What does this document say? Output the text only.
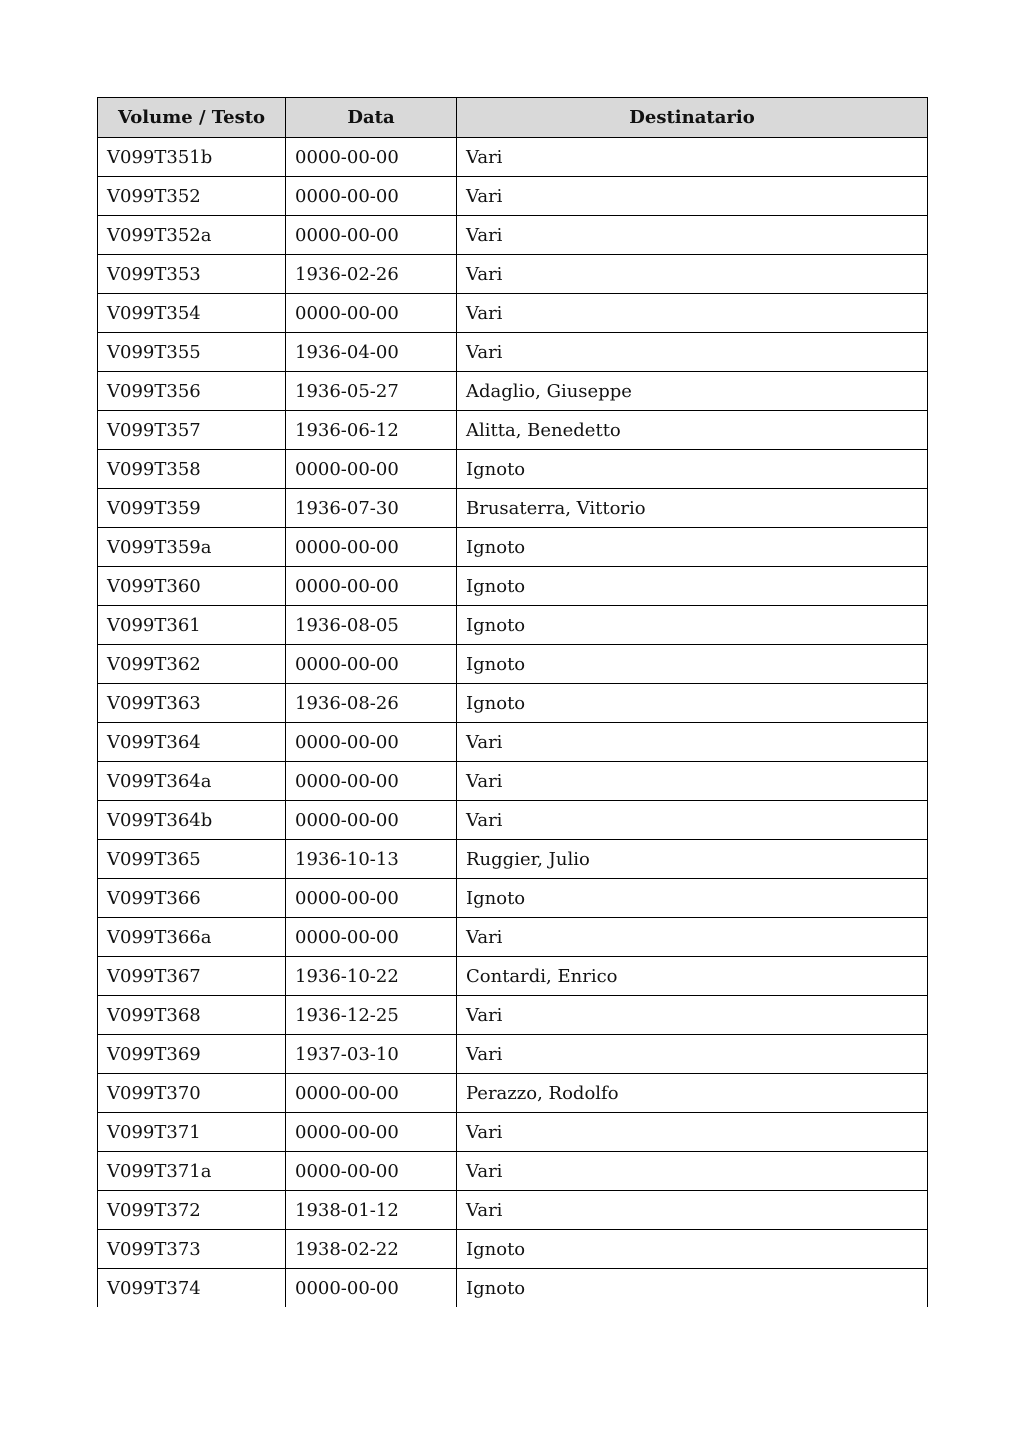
Volume / Testo	Data	Destinatario
V099T351b	0000-00-00	Vari
V099T352	0000-00-00	Vari
V099T352a	0000-00-00	Vari
V099T353	1936-02-26	Vari
V099T354	0000-00-00	Vari
V099T355	1936-04-00	Vari
V099T356	1936-05-27	Adaglio, Giuseppe
V099T357	1936-06-12	Alitta, Benedetto
V099T358	0000-00-00	Ignoto
V099T359	1936-07-30	Brusaterra, Vittorio
V099T359a	0000-00-00	Ignoto
V099T360	0000-00-00	Ignoto
V099T361	1936-08-05	Ignoto
V099T362	0000-00-00	Ignoto
V099T363	1936-08-26	Ignoto
V099T364	0000-00-00	Vari
V099T364a	0000-00-00	Vari
V099T364b	0000-00-00	Vari
V099T365	1936-10-13	Ruggier, Julio
V099T366	0000-00-00	Ignoto
V099T366a	0000-00-00	Vari
V099T367	1936-10-22	Contardi, Enrico
V099T368	1936-12-25	Vari
V099T369	1937-03-10	Vari
V099T370	0000-00-00	Perazzo, Rodolfo
V099T371	0000-00-00	Vari
V099T371a	0000-00-00	Vari
V099T372	1938-01-12	Vari
V099T373	1938-02-22	Ignoto
V099T374	0000-00-00	Ignoto
